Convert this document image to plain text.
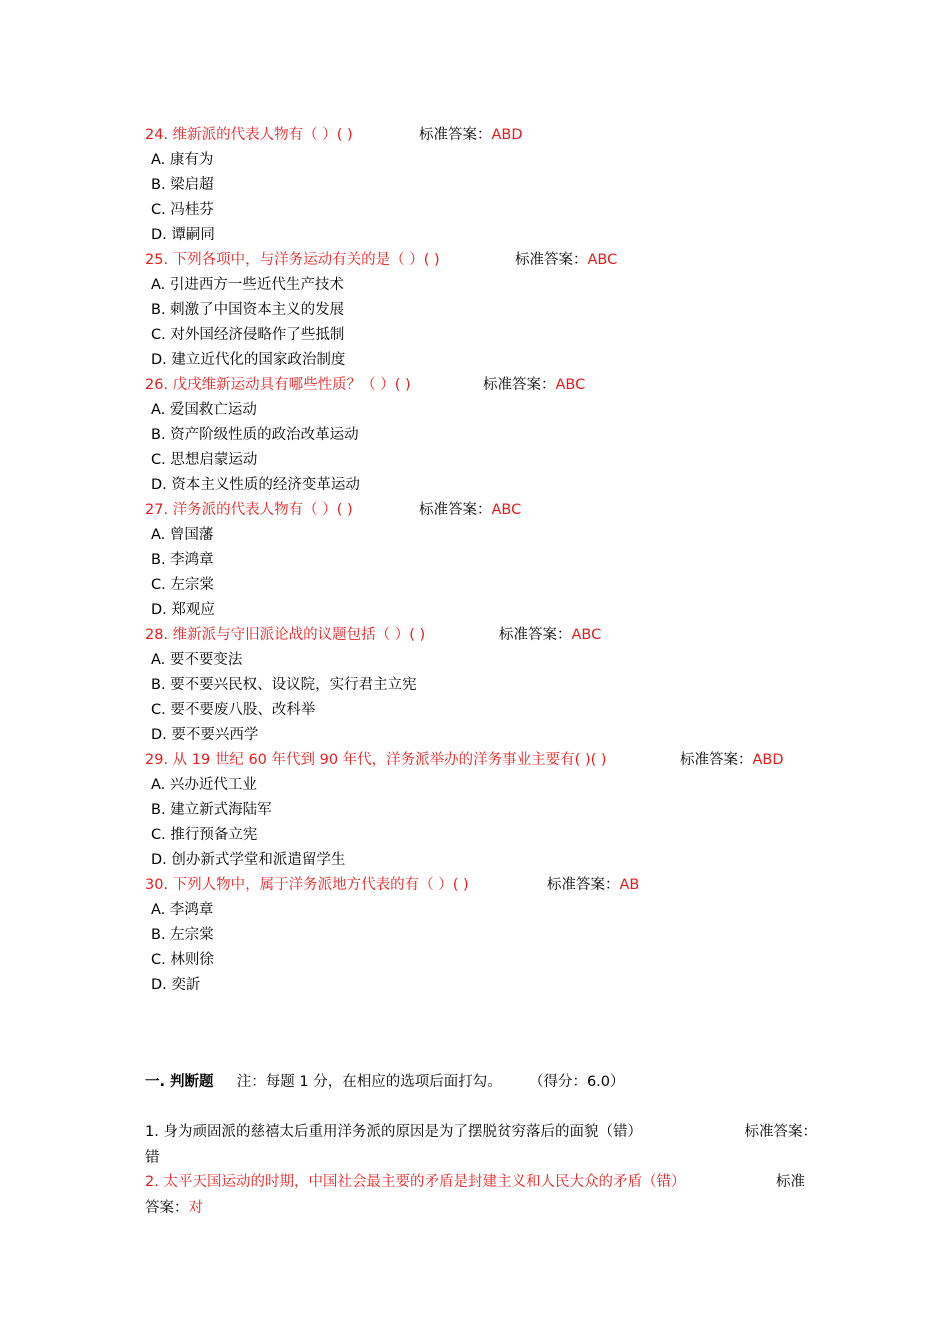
24. 维新派的代表人物有（ ）( )	标准答案：ABD
A. 康有为
B. 梁启超
C. 冯桂芬
D. 谭嗣同
25. 下列各项中，与洋务运动有关的是（ ）( )	标准答案：ABC
A. 引进西方一些近代生产技术
B. 刺激了中国资本主义的发展
C. 对外国经济侵略作了些抵制
D. 建立近代化的国家政治制度
26. 戊戌维新运动具有哪些性质？（ ）( )	标准答案：ABC
A. 爱国救亡运动
B. 资产阶级性质的政治改革运动
C. 思想启蒙运动
D. 资本主义性质的经济变革运动
27. 洋务派的代表人物有（ ）( )	标准答案：ABC
A. 曾国藩
B. 李鸿章
C. 左宗棠
D. 郑观应
28. 维新派与守旧派论战的议题包括（ ）( )	标准答案：ABC
A. 要不要变法
B. 要不要兴民权、设议院，实行君主立宪
C. 要不要废八股、改科举
D. 要不要兴西学
29. 从 19 世纪 60 年代到 90 年代，洋务派举办的洋务事业主要有( )( )	标准答案：ABD
A. 兴办近代工业
B. 建立新式海陆军
C. 推行预备立宪
D. 创办新式学堂和派遣留学生
30. 下列人物中，属于洋务派地方代表的有（ ）( )	标准答案：AB
A. 李鸿章
B. 左宗棠
C. 林则徐
D. 奕訢
一. 判断题 注：每题 1 分，在相应的选项后面打勾。 （得分：6.0）
标准答案：
1. 身为顽固派的慈禧太后重用洋务派的原因是为了摆脱贫穷落后的面貌（错）
错
标准
2. 太平天国运动的时期，中国社会最主要的矛盾是封建主义和人民大众的矛盾（错）
答案：对
